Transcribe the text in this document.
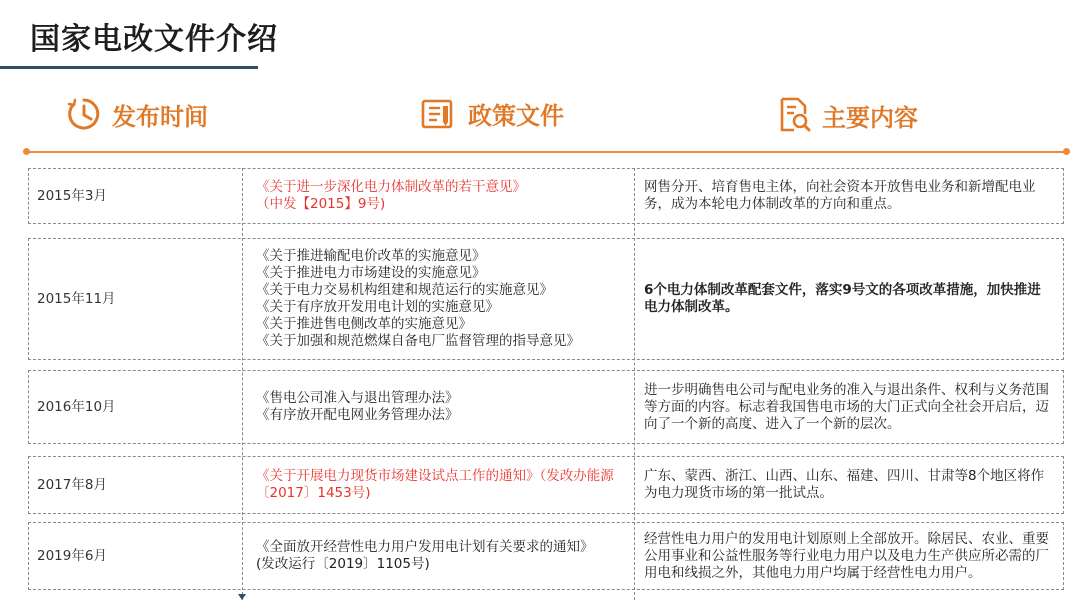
国家电改文件介绍
发布时间	政策文件	主要内容
2015年3月
《关于进一步深化电力体制改革的若干意见》
（中发【2015】9号)
网售分开、培育售电主体，向社会资本开放售电业务和新增配电业务，成为本轮电力体制改革的方向和重点。
2015年11月
《关于推进输配电价改革的实施意见》
《关于推进电力市场建设的实施意见》
《关于电力交易机构组建和规范运行的实施意见》
《关于有序放开发用电计划的实施意见》
《关于推进售电侧改革的实施意见》
《关于加强和规范燃煤自备电厂监督管理的指导意见》
6个电力体制改革配套文件，落实9号文的各项改革措施，加快推进电力体制改革。
2016年10月
《售电公司准入与退出管理办法》
《有序放开配电网业务管理办法》
进一步明确售电公司与配电业务的准入与退出条件、权利与义务范围等方面的内容。标志着我国售电市场的大门正式向全社会开启后，迈向了一个新的高度、进入了一个新的层次。
2017年8月
《关于开展电力现货市场建设试点工作的通知》（发改办能源〔2017〕1453号)
广东、蒙西、浙江、山西、山东、福建、四川、甘肃等8个地区将作为电力现货市场的第一批试点。
2019年6月
《全面放开经营性电力用户发用电计划有关要求的通知》
(发改运行〔2019〕1105号)
经营性电力用户的发用电计划原则上全部放开。除居民、农业、重要公用事业和公益性服务等行业电力用户以及电力生产供应所必需的厂用电和线损之外，其他电力用户均属于经营性电力用户。
